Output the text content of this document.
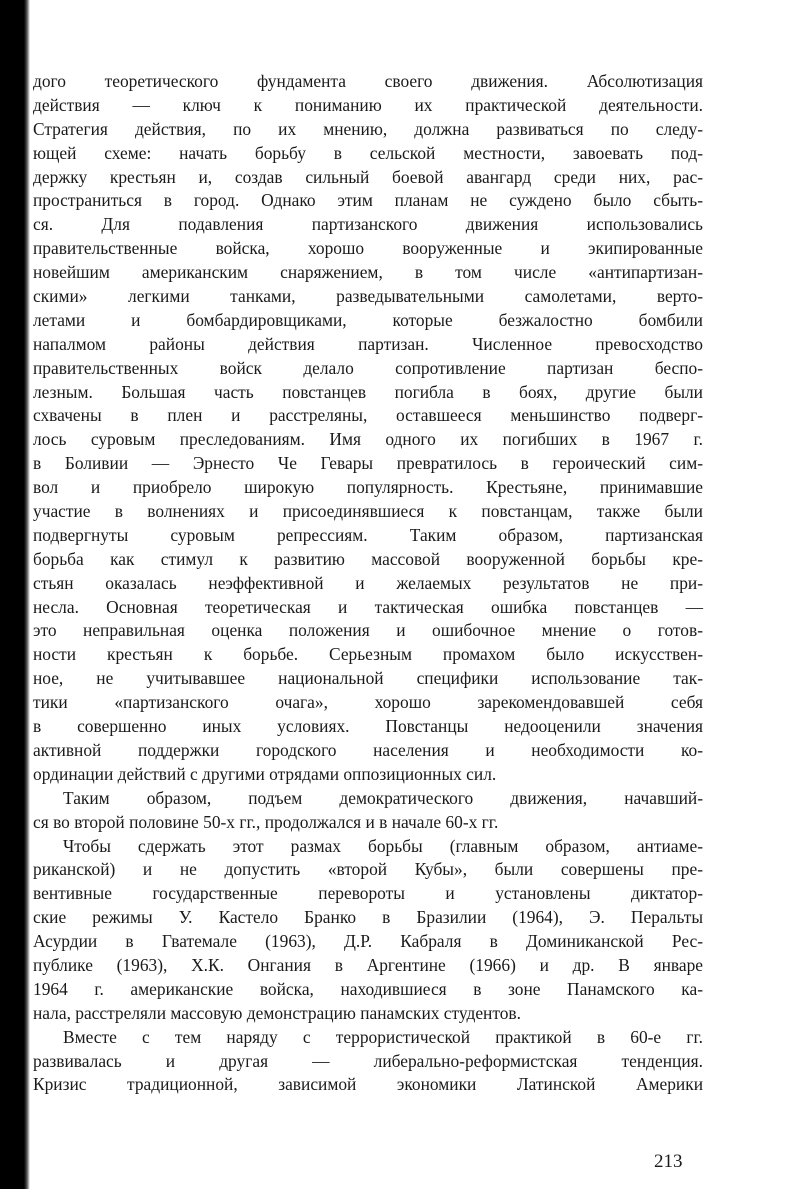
дого теоретического фундамента своего движения. Абсолютизация
действия — ключ к пониманию их практической деятельности.
Стратегия действия, по их мнению, должна развиваться по следу-
ющей схеме: начать борьбу в сельской местности, завоевать под-
держку крестьян и, создав сильный боевой авангард среди них, рас-
пространиться в город. Однако этим планам не суждено было сбыть-
ся. Для подавления партизанского движения использовались
правительственные войска, хорошо вооруженные и экипированные
новейшим американским снаряжением, в том числе «антипартизан-
скими» легкими танками, разведывательными самолетами, верто-
летами и бомбардировщиками, которые безжалостно бомбили
напалмом районы действия партизан. Численное превосходство
правительственных войск делало сопротивление партизан беспо-
лезным. Большая часть повстанцев погибла в боях, другие были
схвачены в плен и расстреляны, оставшееся меньшинство подверг-
лось суровым преследованиям. Имя одного их погибших в 1967 г.
в Боливии — Эрнесто Че Гевары превратилось в героический сим-
вол и приобрело широкую популярность. Крестьяне, принимавшие
участие в волнениях и присоединявшиеся к повстанцам, также были
подвергнуты суровым репрессиям. Таким образом, партизанская
борьба как стимул к развитию массовой вооруженной борьбы кре-
стьян оказалась неэффективной и желаемых результатов не при-
несла. Основная теоретическая и тактическая ошибка повстанцев —
это неправильная оценка положения и ошибочное мнение о готов-
ности крестьян к борьбе. Серьезным промахом было искусствен-
ное, не учитывавшее национальной специфики использование так-
тики «партизанского очага», хорошо зарекомендовавшей себя
в совершенно иных условиях. Повстанцы недооценили значения
активной поддержки городского населения и необходимости ко-
ординации действий с другими отрядами оппозиционных сил.
Таким образом, подъем демократического движения, начавший-
ся во второй половине 50-х гг., продолжался и в начале 60-х гг.
Чтобы сдержать этот размах борьбы (главным образом, антиаме-
риканской) и не допустить «второй Кубы», были совершены пре-
вентивные государственные перевороты и установлены диктатор-
ские режимы У. Кастело Бранко в Бразилии (1964), Э. Перальты
Асурдии в Гватемале (1963), Д.Р. Кабраля в Доминиканской Рес-
публике (1963), Х.К. Онгания в Аргентине (1966) и др. В январе
1964 г. американские войска, находившиеся в зоне Панамского ка-
нала, расстреляли массовую демонстрацию панамских студентов.
Вместе с тем наряду с террористической практикой в 60-е гг.
развивалась и другая — либерально-реформистская тенденция.
Кризис традиционной, зависимой экономики Латинской Америки
213
